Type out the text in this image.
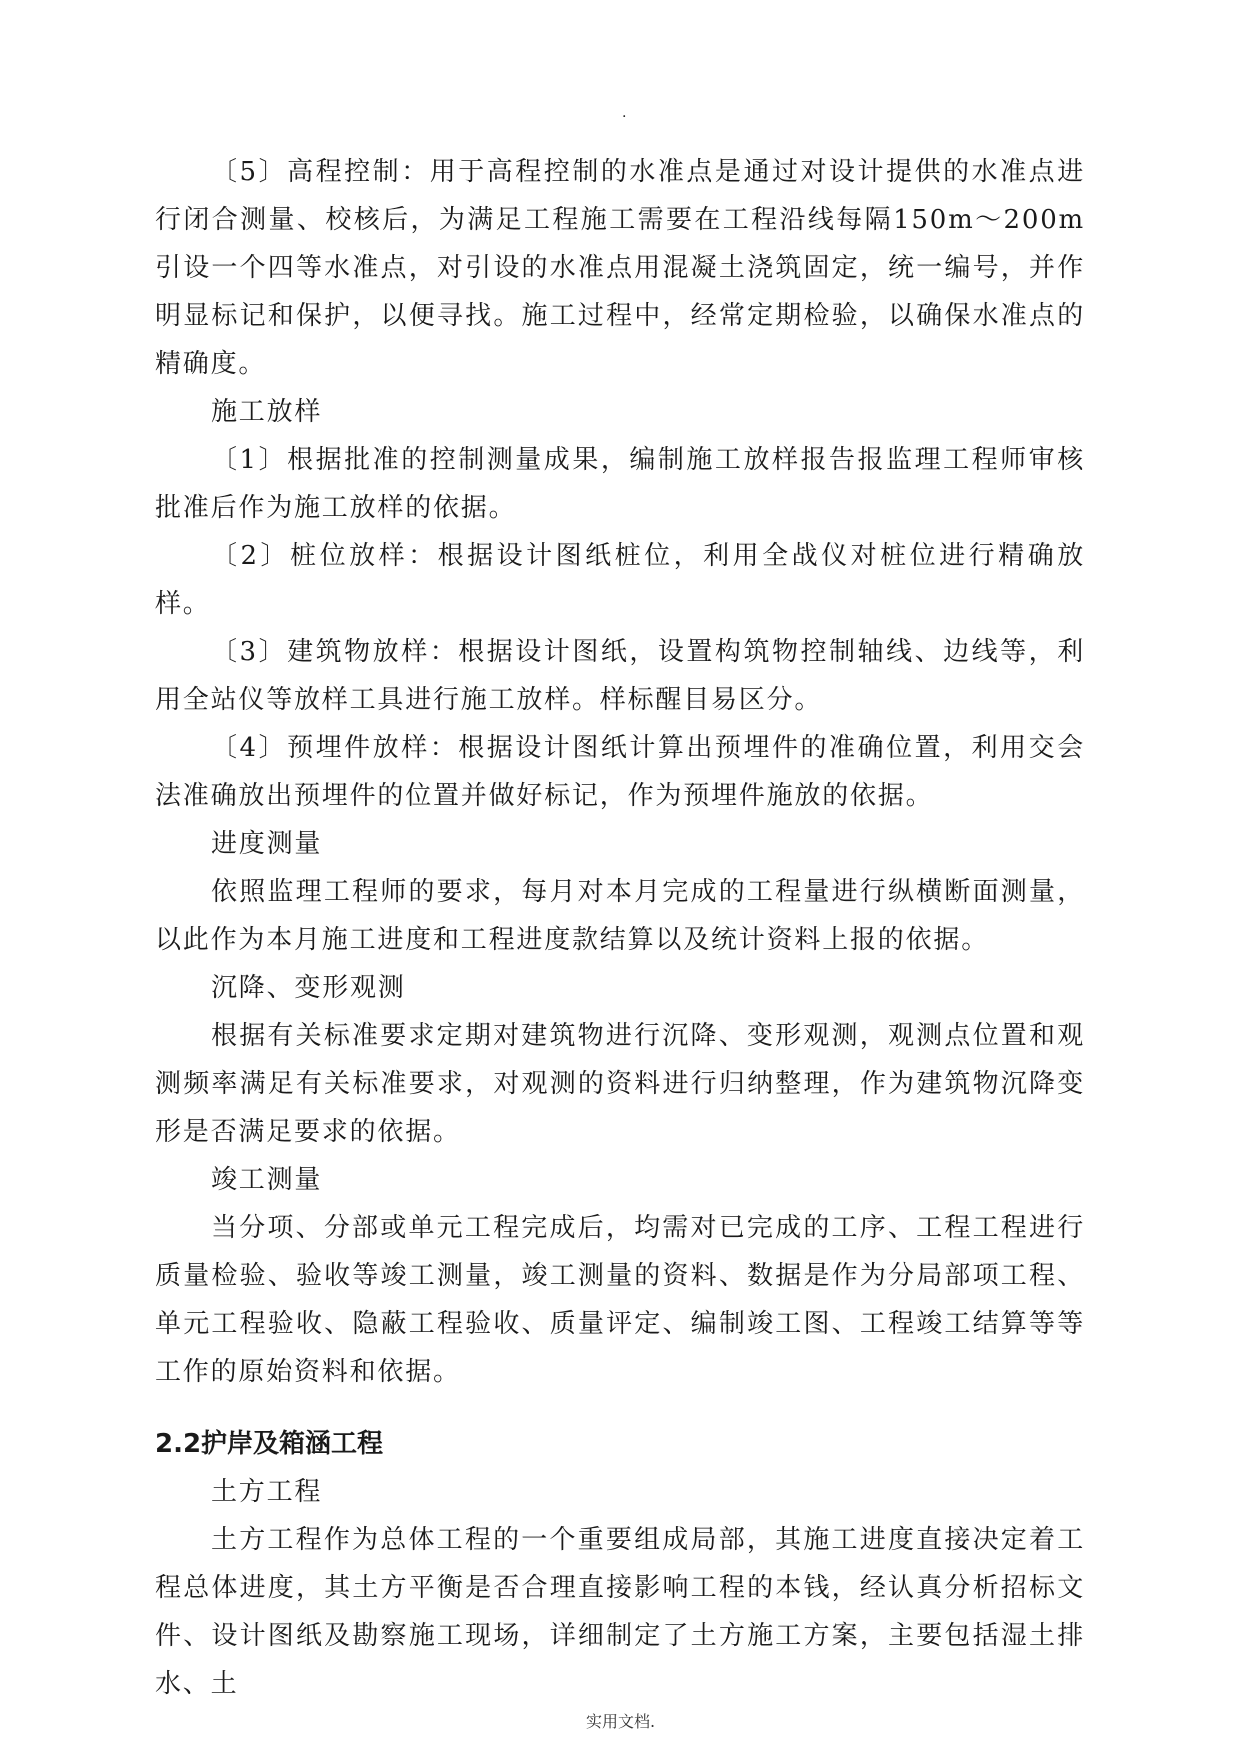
.

〔5〕高程控制：用于高程控制的水准点是通过对设计提供的水准点进行闭合测量、校核后，为满足工程施工需要在工程沿线每隔150m～200m引设一个四等水准点，对引设的水准点用混凝土浇筑固定，统一编号，并作明显标记和保护，以便寻找。施工过程中，经常定期检验，以确保水准点的精确度。

施工放样

〔1〕根据批准的控制测量成果，编制施工放样报告报监理工程师审核批准后作为施工放样的依据。

〔2〕桩位放样：根据设计图纸桩位，利用全战仪对桩位进行精确放样。

〔3〕建筑物放样：根据设计图纸，设置构筑物控制轴线、边线等，利用全站仪等放样工具进行施工放样。样标醒目易区分。

〔4〕预埋件放样：根据设计图纸计算出预埋件的准确位置，利用交会法准确放出预埋件的位置并做好标记，作为预埋件施放的依据。

进度测量

依照监理工程师的要求，每月对本月完成的工程量进行纵横断面测量，以此作为本月施工进度和工程进度款结算以及统计资料上报的依据。

沉降、变形观测

根据有关标准要求定期对建筑物进行沉降、变形观测，观测点位置和观测频率满足有关标准要求，对观测的资料进行归纳整理，作为建筑物沉降变形是否满足要求的依据。

竣工测量

当分项、分部或单元工程完成后，均需对已完成的工序、工程工程进行质量检验、验收等竣工测量，竣工测量的资料、数据是作为分局部项工程、单元工程验收、隐蔽工程验收、质量评定、编制竣工图、工程竣工结算等等工作的原始资料和依据。

2.2护岸及箱涵工程

土方工程

土方工程作为总体工程的一个重要组成局部，其施工进度直接决定着工程总体进度，其土方平衡是否合理直接影响工程的本钱，经认真分析招标文件、设计图纸及勘察施工现场，详细制定了土方施工方案，主要包括湿土排水、土

实用文档.
